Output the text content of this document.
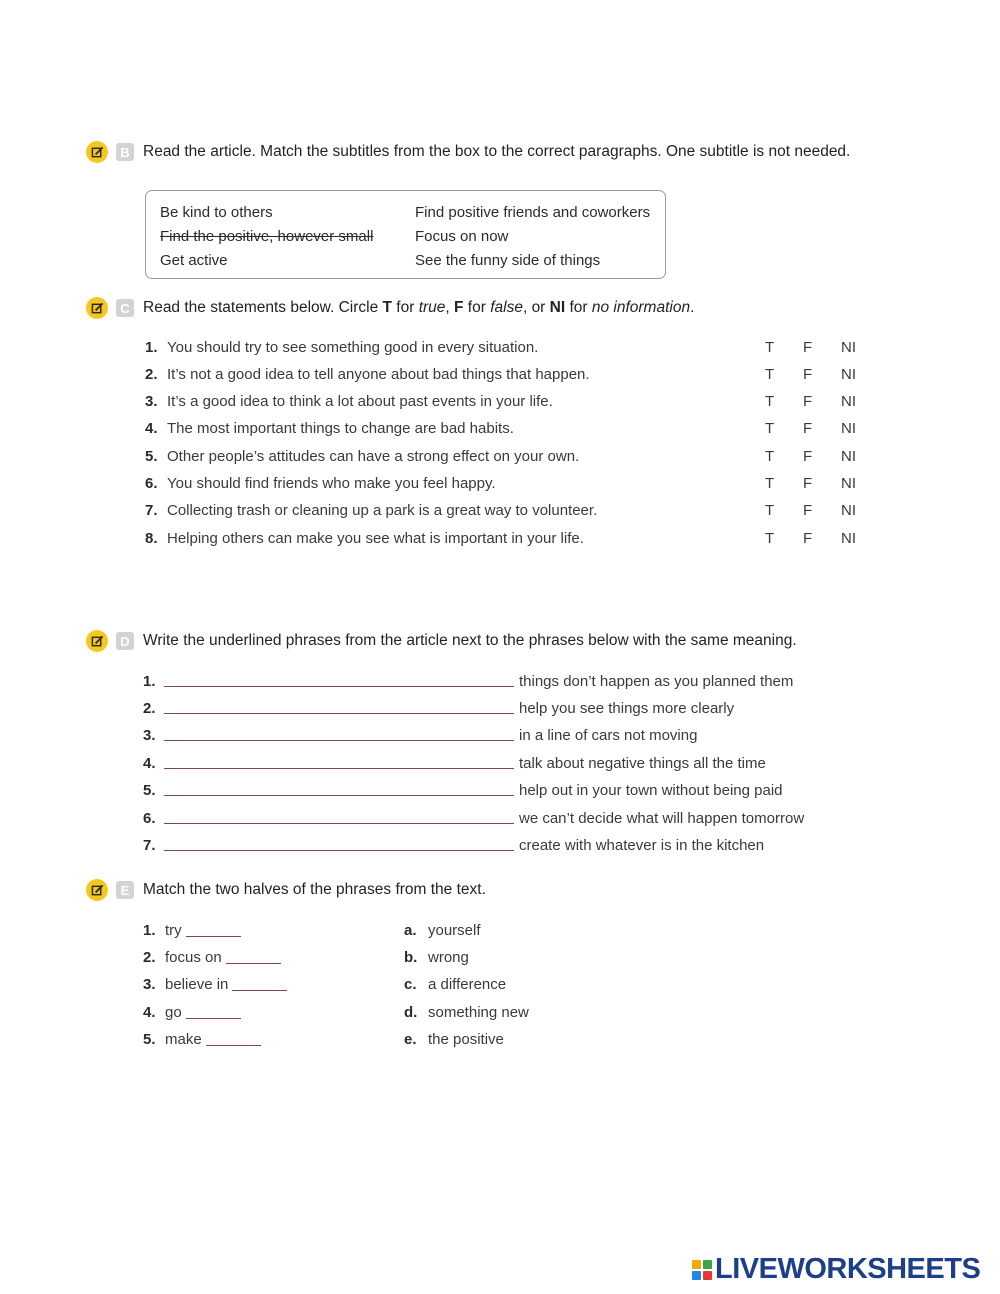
B Read the article. Match the subtitles from the box to the correct paragraphs. One subtitle is not needed.
Be kind to others	Find positive friends and coworkers
Find the positive, however small	Focus on now
Get active	See the funny side of things
C Read the statements below. Circle T for true, F for false, or NI for no information.
1. You should try to see something good in every situation.	T F NI
2. It’s not a good idea to tell anyone about bad things that happen.	T F NI
3. It’s a good idea to think a lot about past events in your life.	T F NI
4. The most important things to change are bad habits.	T F NI
5. Other people’s attitudes can have a strong effect on your own.	T F NI
6. You should find friends who make you feel happy.	T F NI
7. Collecting trash or cleaning up a park is a great way to volunteer.	T F NI
8. Helping others can make you see what is important in your life.	T F NI
D Write the underlined phrases from the article next to the phrases below with the same meaning.
1.	things don’t happen as you planned them
2.	help you see things more clearly
3.	in a line of cars not moving
4.	talk about negative things all the time
5.	help out in your town without being paid
6.	we can’t decide what will happen tomorrow
7.	create with whatever is in the kitchen
E Match the two halves of the phrases from the text.
1. try	a. yourself
2. focus on	b. wrong
3. believe in	c. a difference
4. go	d. something new
5. make	e. the positive
LIVEWORKSHEETS
